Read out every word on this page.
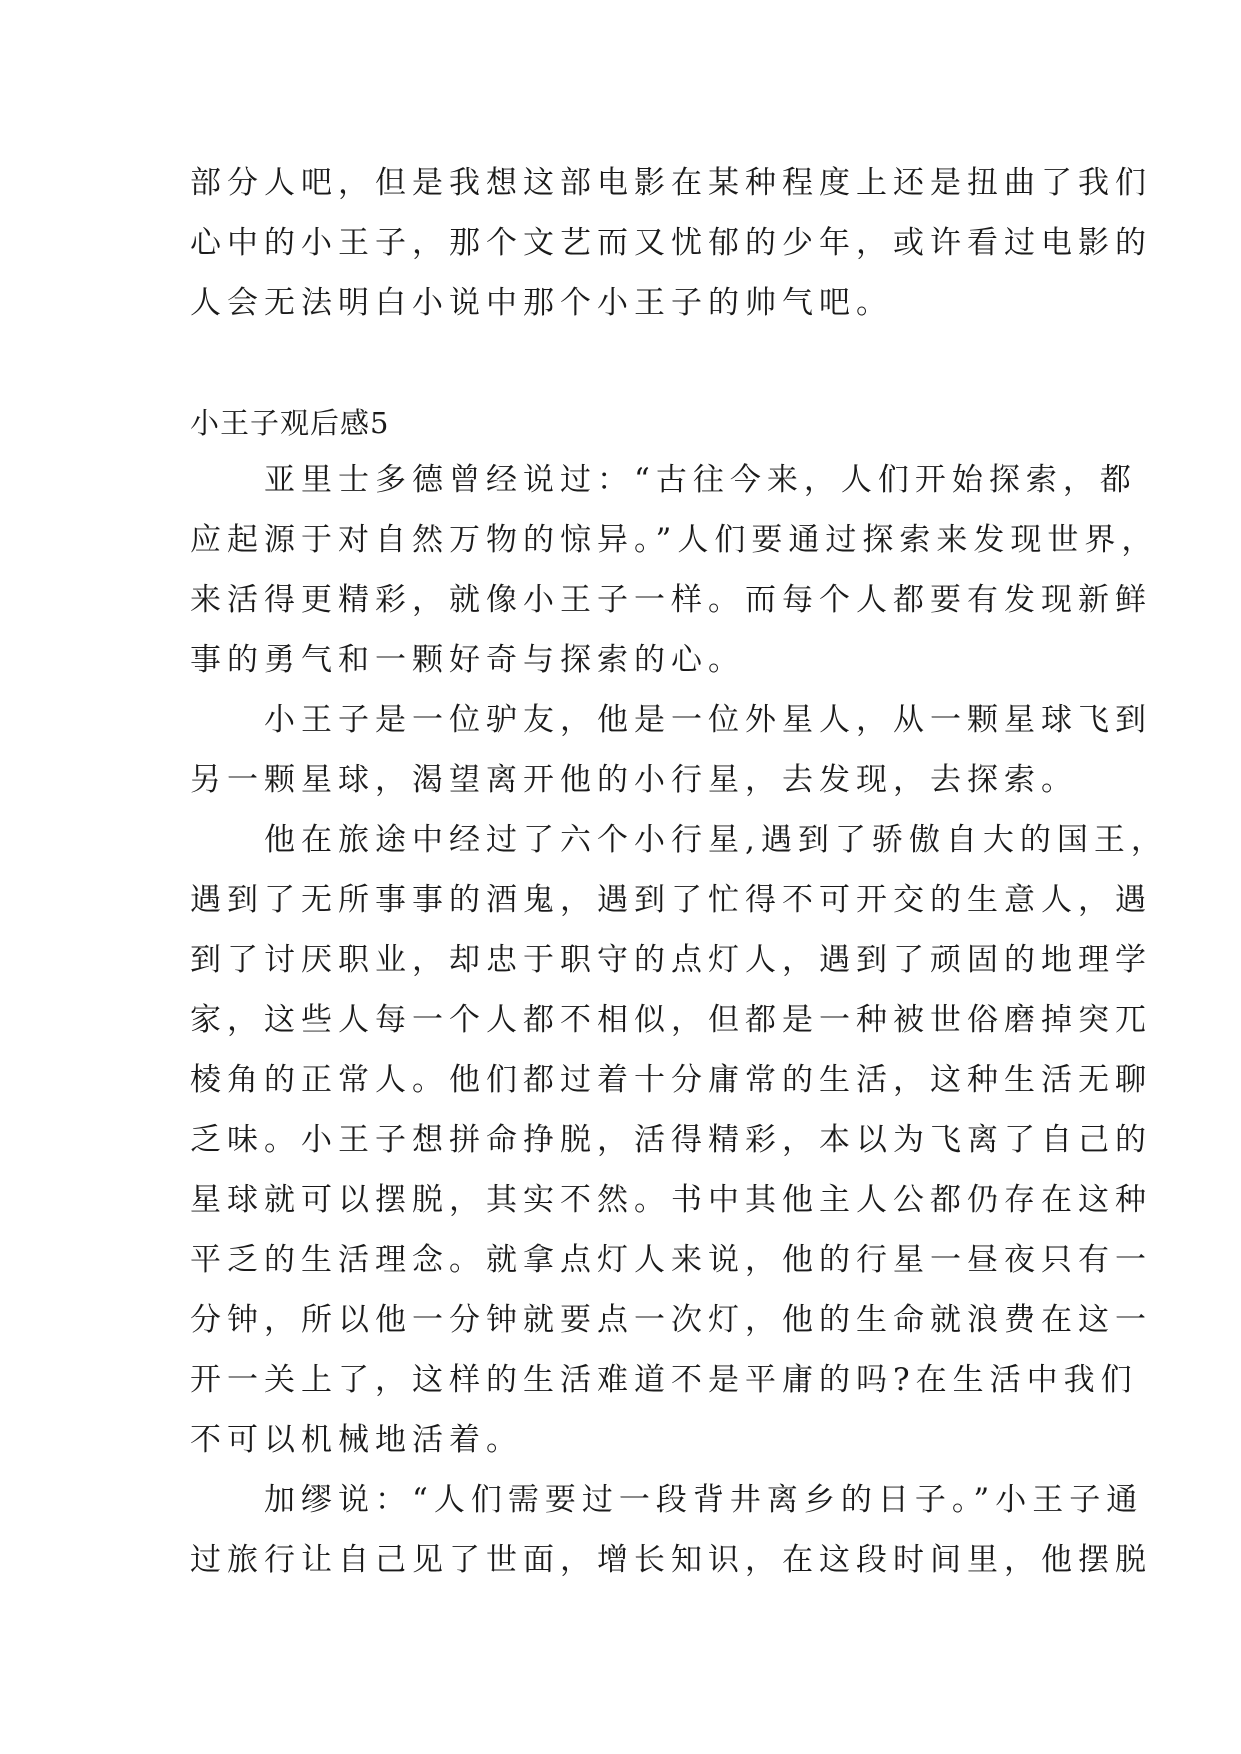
部分人吧，但是我想这部电影在某种程度上还是扭曲了我们
心中的小王子，那个文艺而又忧郁的少年，或许看过电影的
人会无法明白小说中那个小王子的帅气吧。
小王子观后感5
　　亚里士多德曾经说过：“古往今来，人们开始探索，都
应起源于对自然万物的惊异。”人们要通过探索来发现世界，
来活得更精彩，就像小王子一样。而每个人都要有发现新鲜
事的勇气和一颗好奇与探索的心。
　　小王子是一位驴友，他是一位外星人，从一颗星球飞到
另一颗星球，渴望离开他的小行星，去发现，去探索。
　　他在旅途中经过了六个小行星,遇到了骄傲自大的国王，
遇到了无所事事的酒鬼，遇到了忙得不可开交的生意人，遇
到了讨厌职业，却忠于职守的点灯人，遇到了顽固的地理学
家，这些人每一个人都不相似，但都是一种被世俗磨掉突兀
棱角的正常人。他们都过着十分庸常的生活，这种生活无聊
乏味。小王子想拼命挣脱，活得精彩，本以为飞离了自己的
星球就可以摆脱，其实不然。书中其他主人公都仍存在这种
平乏的生活理念。就拿点灯人来说，他的行星一昼夜只有一
分钟，所以他一分钟就要点一次灯，他的生命就浪费在这一
开一关上了，这样的生活难道不是平庸的吗?在生活中我们
不可以机械地活着。
　　加缪说：“人们需要过一段背井离乡的日子。”小王子通
过旅行让自己见了世面，增长知识，在这段时间里，他摆脱
